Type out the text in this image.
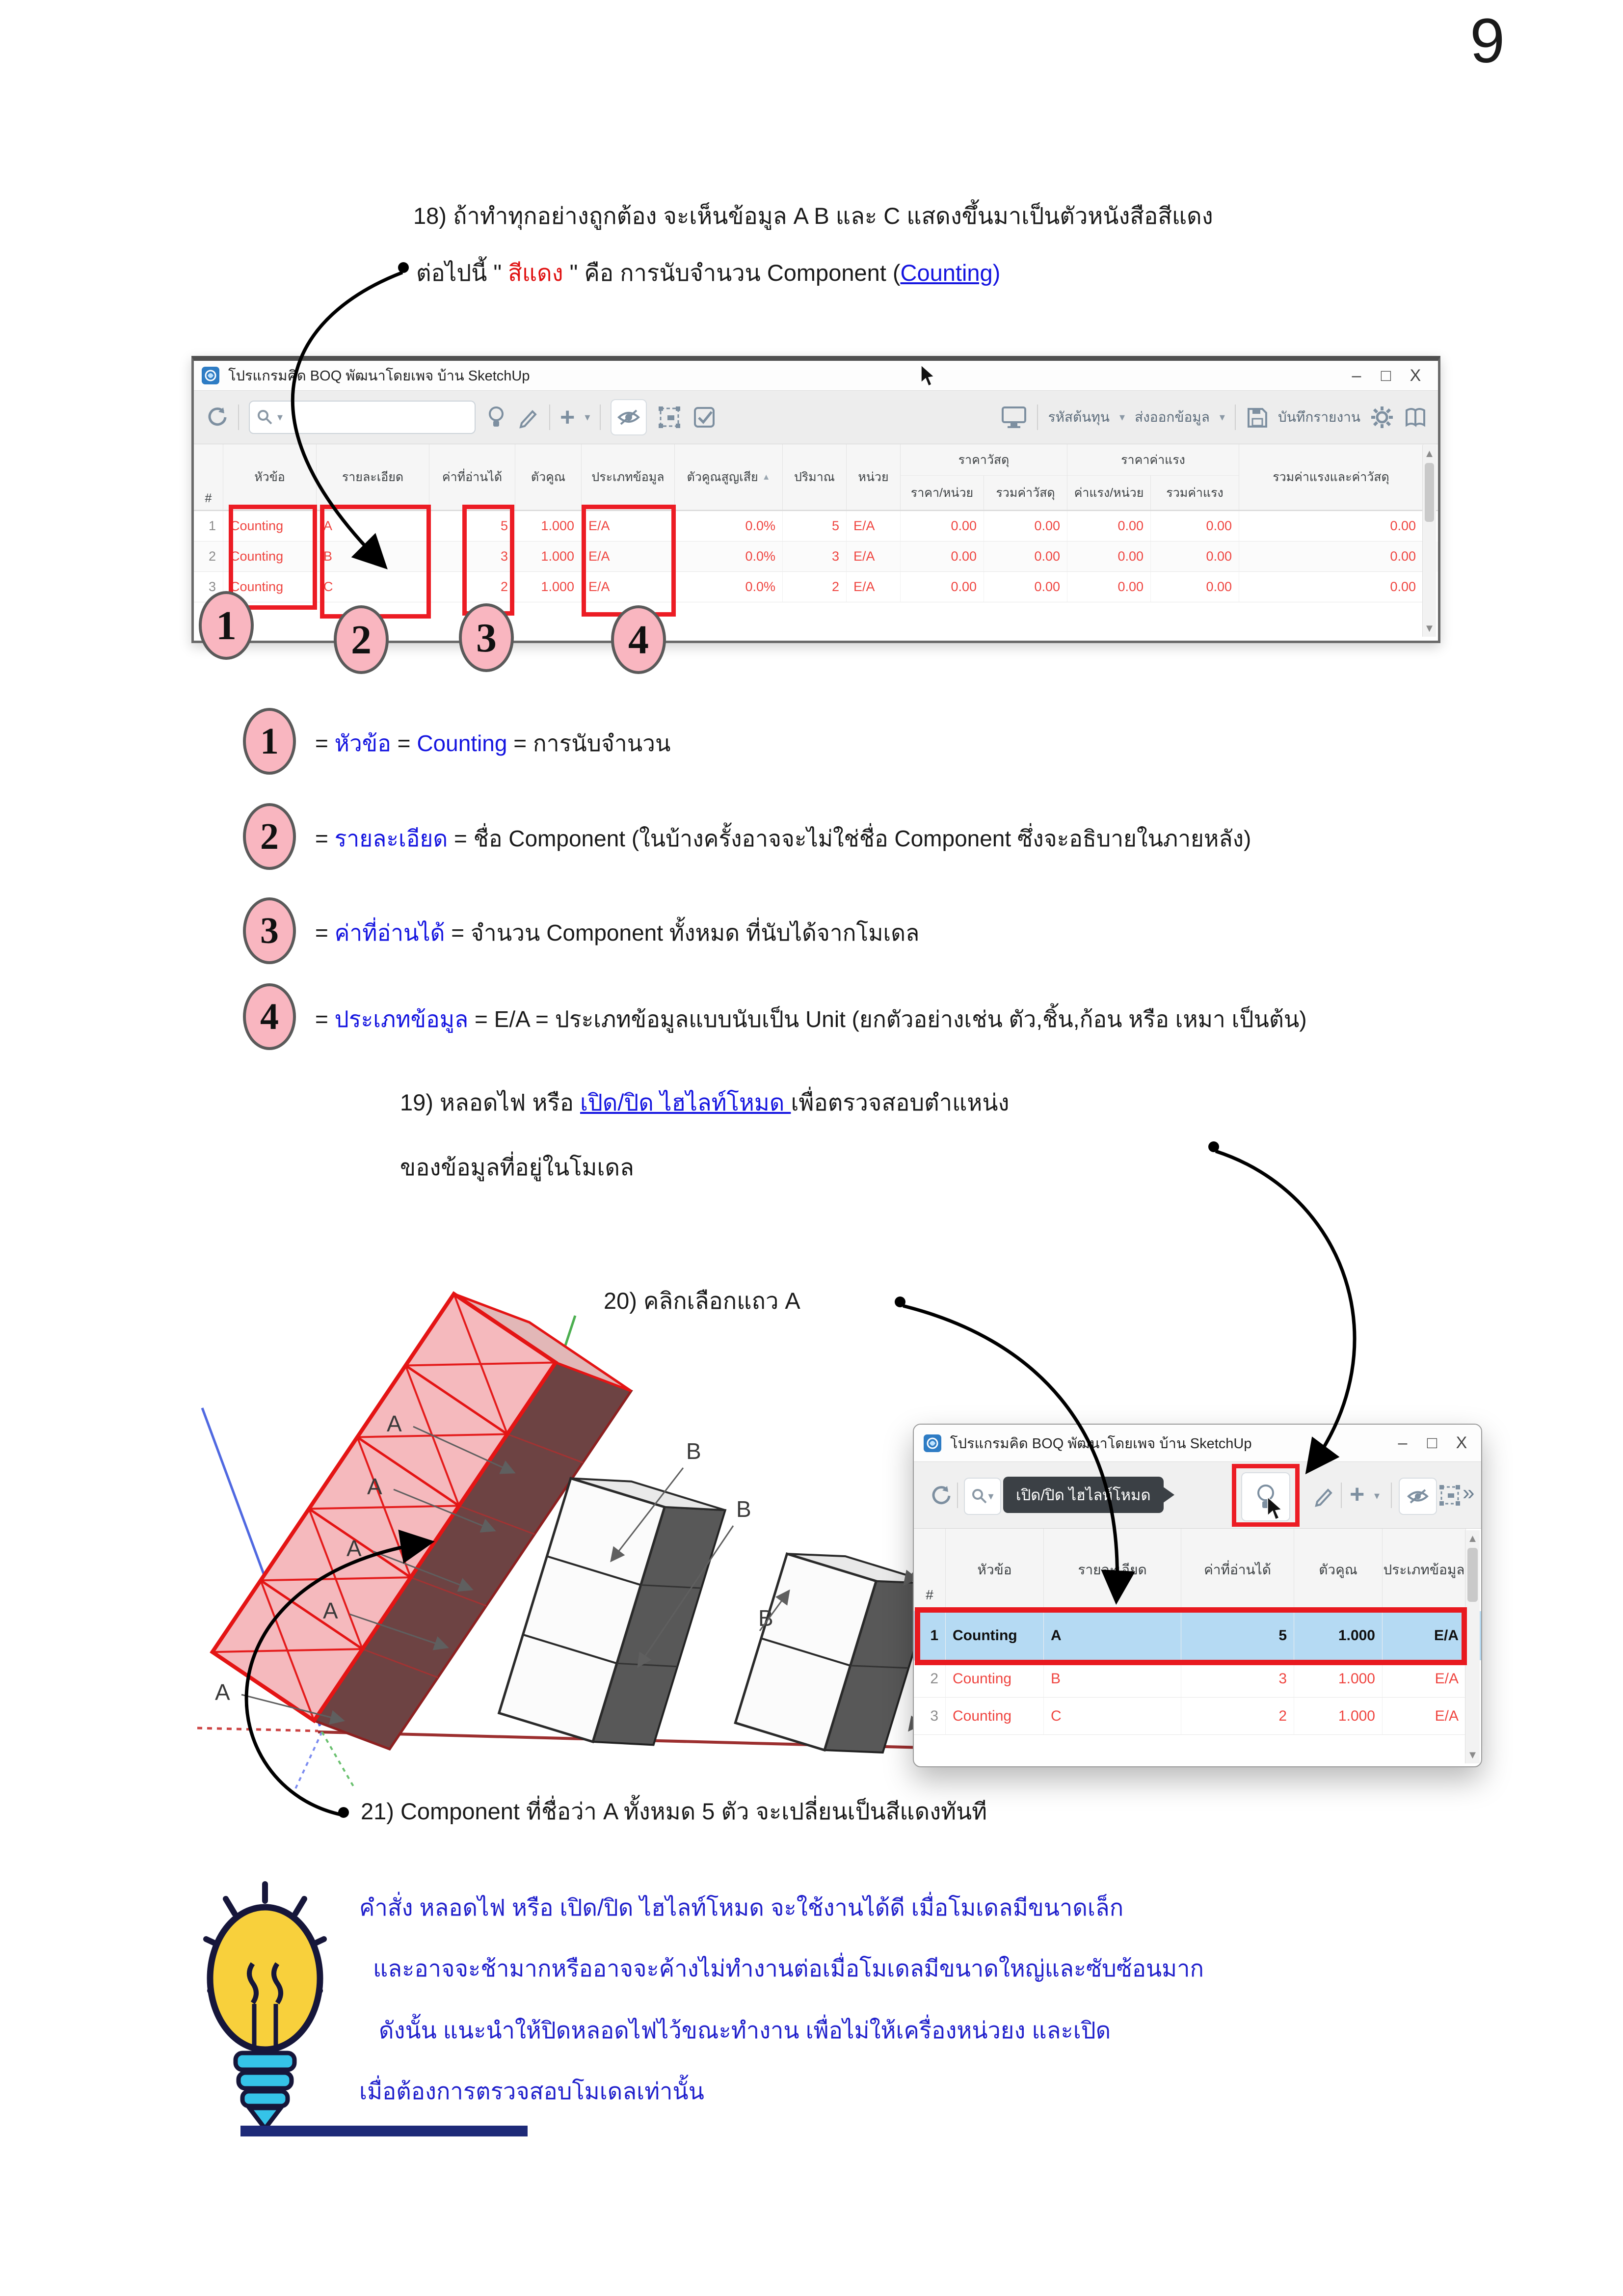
9
18) ถ้าทำทุกอย่างถูกต้อง จะเห็นข้อมูล A B และ C แสดงขึ้นมาเป็นตัวหนังสือสีแดง
ต่อไปนี้ " สีแดง " คือ การนับจำนวน Component (Counting)
A
A
A
A
A
B
B
B
โปรแกรมคิด BOQ พัฒนาโดยเพจ บ้าน SketchUp	–	□	X
▾	+ ▾	รหัสต้นทุน ▾ ส่งออกข้อมูล ▾	บันทึกรายงาน
#
หัวข้อ	รายละเอียด	ค่าที่อ่านได้	ตัวคูณ	ประเภทข้อมูล	ตัวคูณสูญเสีย ▲	ปริมาณ	หน่วย
ราคาวัสดุ	ราคาค่าแรง
รวมค่าแรงและค่าวัสดุ
ราคา/หน่วย	รวมค่าวัสดุ	ค่าแรง/หน่วย	รวมค่าแรง
1	Counting	A	5	1.000	E/A	0.0%	5	E/A	0.00	0.00	0.00	0.00	0.00
2	Counting	B	3	1.000	E/A	0.0%	3	E/A	0.00	0.00	0.00	0.00	0.00
3	Counting	C	2	1.000	E/A	0.0%	2	E/A	0.00	0.00	0.00	0.00	0.00
▲
▼
1	2	3	4
1	= หัวข้อ = Counting = การนับจำนวน
2	= รายละเอียด = ชื่อ Component (ในบ้างครั้งอาจจะไม่ใช่ชื่อ Component ซึ่งจะอธิบายในภายหลัง)
3	= ค่าที่อ่านได้ = จำนวน Component ทั้งหมด ที่นับได้จากโมเดล
4	= ประเภทข้อมูล = E/A = ประเภทข้อมูลแบบนับเป็น Unit (ยกตัวอย่างเช่น ตัว,ชิ้น,ก้อน หรือ เหมา เป็นต้น)
19) หลอดไฟ หรือ เปิด/ปิด ไฮไลท์โหมด เพื่อตรวจสอบตำแหน่ง
ของข้อมูลที่อยู่ในโมเดล
20) คลิกเลือกแถว A
โปรแกรมคิด BOQ พัฒนาโดยเพจ บ้าน SketchUp	–	□	X
▾	เปิด/ปิด ไฮไลท์โหมด	+ ▾	»
#
หัวข้อ	รายละเอียด	ค่าที่อ่านได้	ตัวคูณ	ประเภทข้อมูล
1 Counting	A	5	1.000	E/A
2 Counting	B	3	1.000	E/A
3 Counting	C	2	1.000	E/A
▲
▼
21) Component ที่ชื่อว่า A ทั้งหมด 5 ตัว จะเปลี่ยนเป็นสีแดงทันที
คำสั่ง หลอดไฟ หรือ เปิด/ปิด ไฮไลท์โหมด จะใช้งานได้ดี เมื่อโมเดลมีขนาดเล็ก
และอาจจะช้ามากหรืออาจจะค้างไม่ทำงานต่อเมื่อโมเดลมีขนาดใหญ่และซับซ้อนมาก
ดังนั้น แนะนำให้ปิดหลอดไฟไว้ขณะทำงาน เพื่อไม่ให้เครื่องหน่วยง และเปิด
เมื่อต้องการตรวจสอบโมเดลเท่านั้น
